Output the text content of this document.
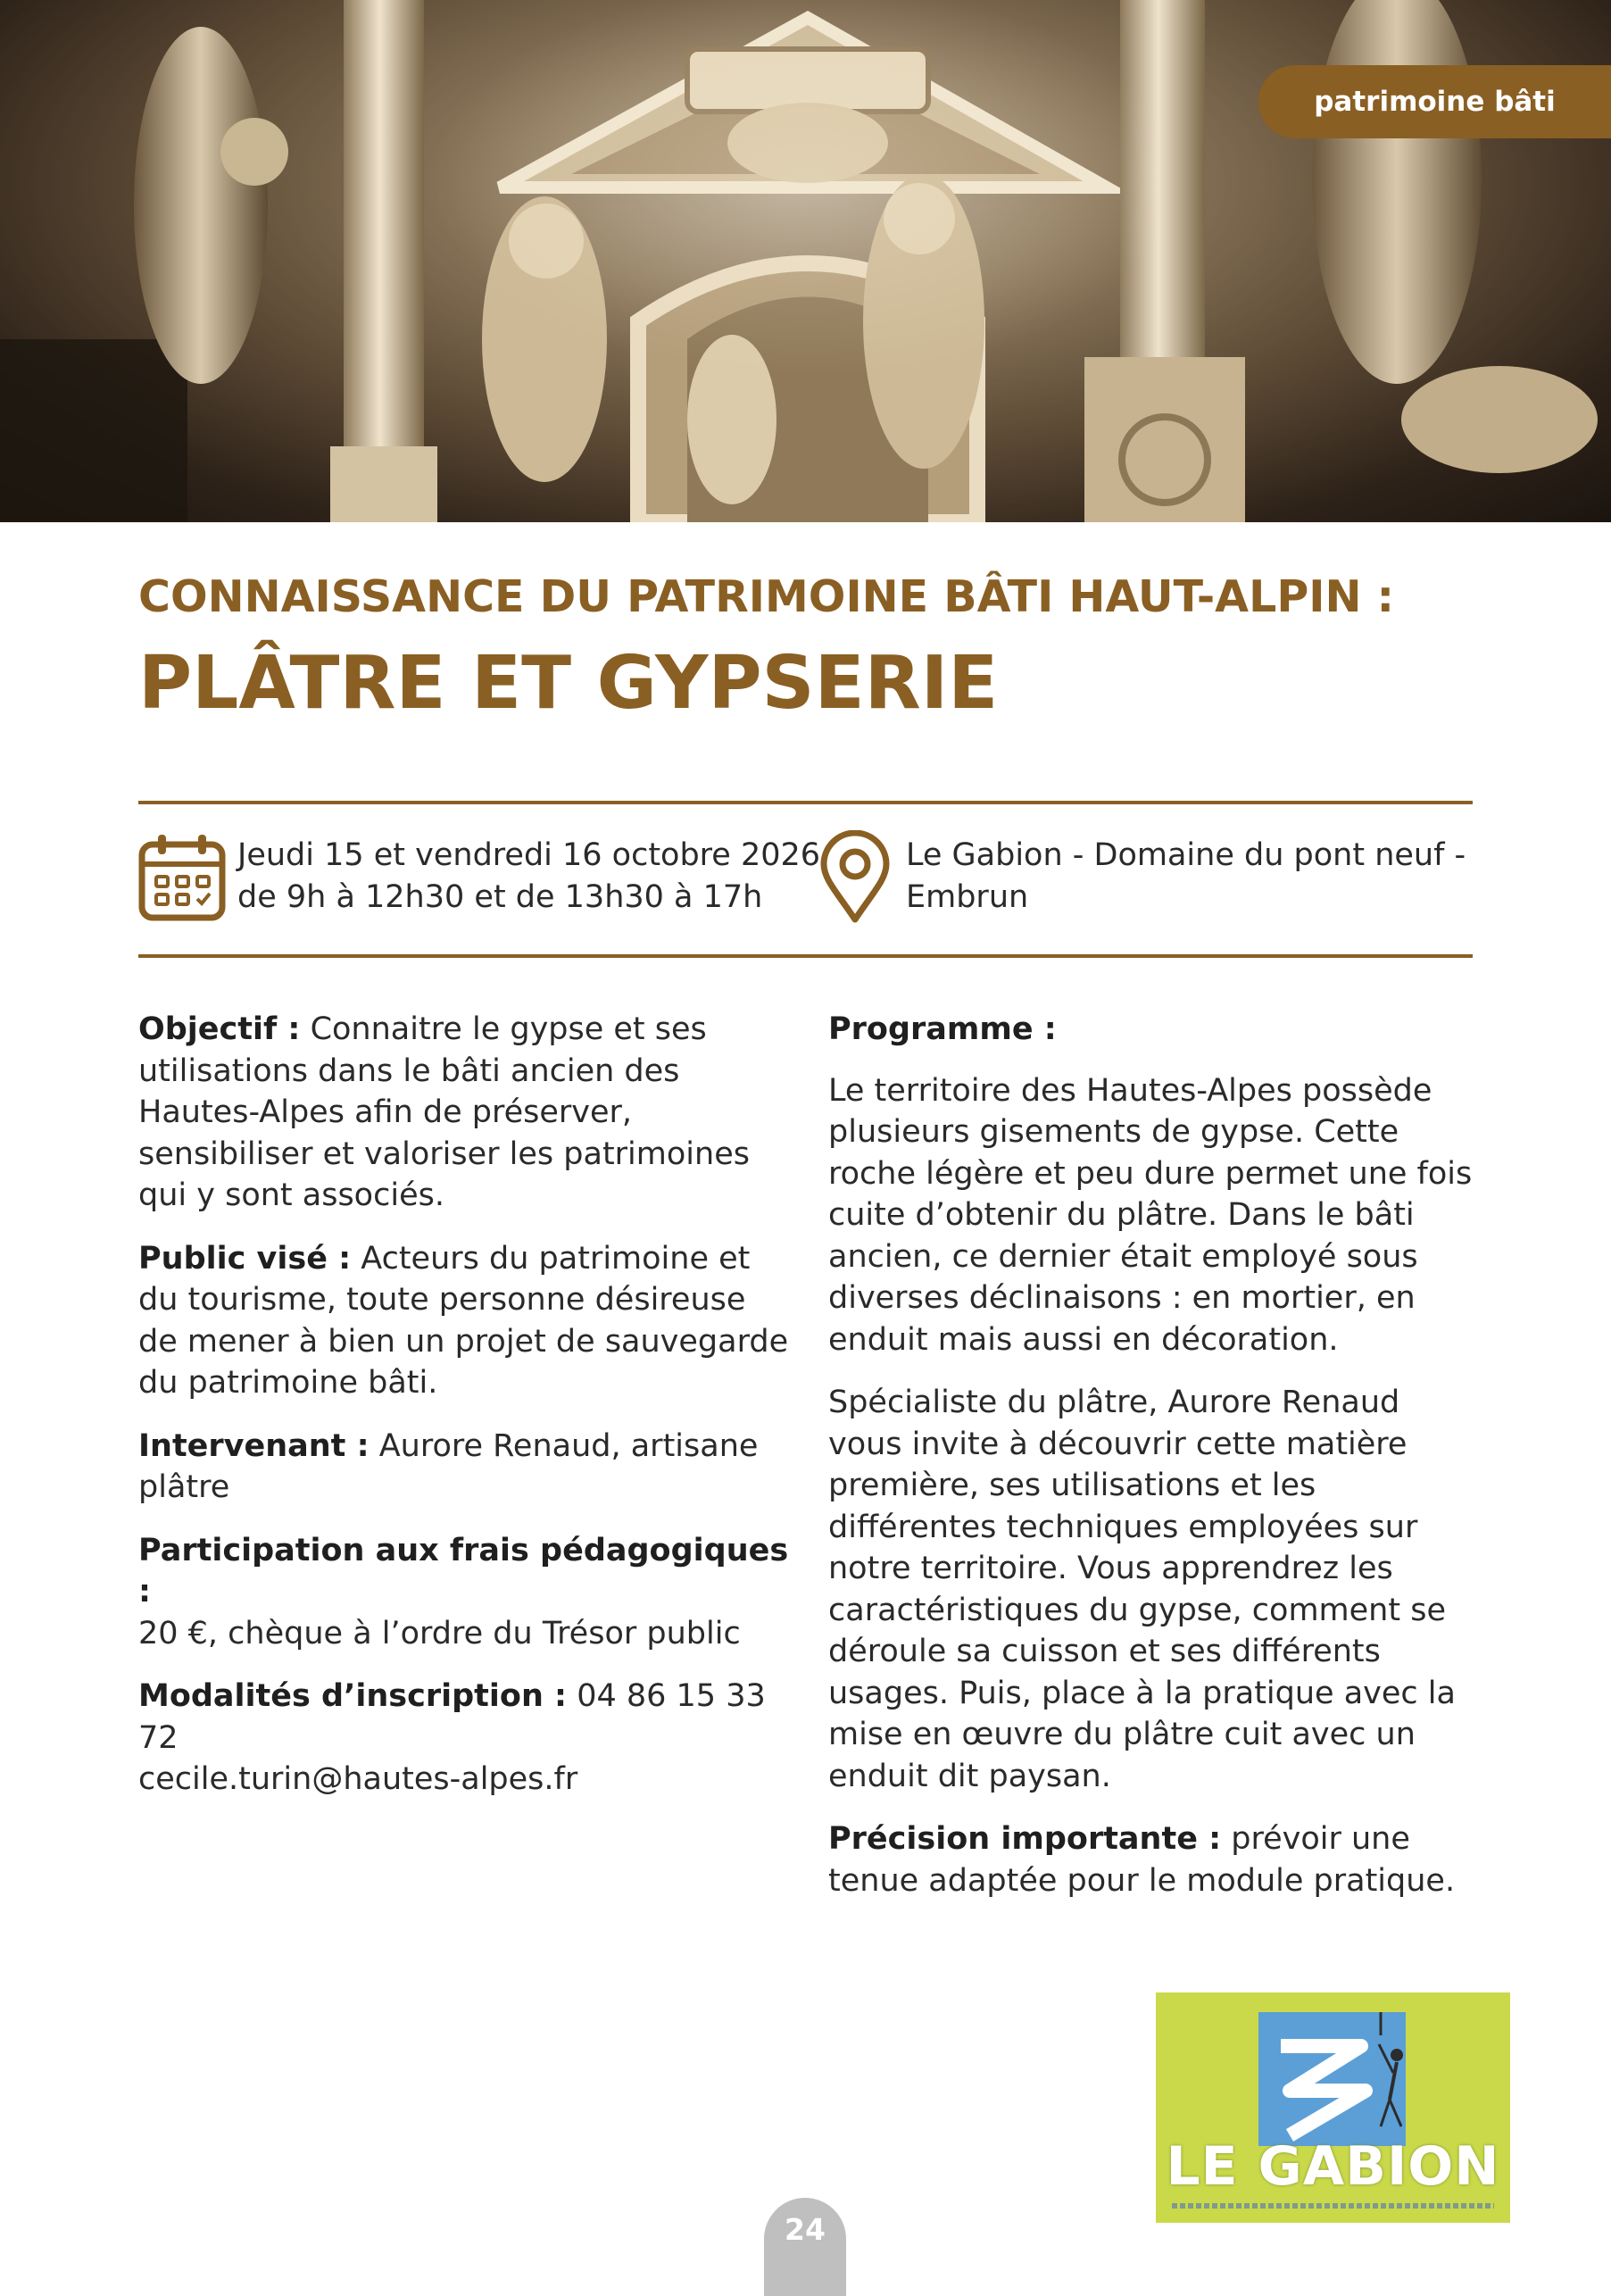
patrimoine bâti
CONNAISSANCE DU PATRIMOINE BÂTI HAUT-ALPIN :
PLÂTRE ET GYPSERIE
Jeudi 15 et vendredi 16 octobre 2026
de 9h à 12h30 et de 13h30 à 17h
Le Gabion - Domaine du pont neuf -
Embrun

Objectif : Connaitre le gypse et ses utilisations dans le bâti ancien des Hautes-Alpes afin de préserver, sensibiliser et valoriser les patrimoines qui y sont associés.

Public visé : Acteurs du patrimoine et du tourisme, toute personne désireuse de mener à bien un projet de sauvegarde du patrimoine bâti.

Intervenant : Aurore Renaud, artisane plâtre

Participation aux frais pédagogiques :
20 €, chèque à l’ordre du Trésor public

Modalités d’inscription : 04 86 15 33 72
cecile.turin@hautes-alpes.fr

Programme :

Le territoire des Hautes-Alpes possède plusieurs gisements de gypse. Cette roche légère et peu dure permet une fois cuite d’obtenir du plâtre. Dans le bâti ancien, ce dernier était employé sous diverses déclinaisons : en mortier, en enduit mais aussi en décoration.

Spécialiste du plâtre, Aurore Renaud vous invite à découvrir cette matière première, ses utilisations et les différentes techniques employées sur notre territoire. Vous apprendrez les caractéristiques du gypse, comment se déroule sa cuisson et ses différents usages. Puis, place à la pratique avec la mise en œuvre du plâtre cuit avec un enduit dit paysan.

Précision importante : prévoir une tenue adaptée pour le module pratique.

LE GABION
24
